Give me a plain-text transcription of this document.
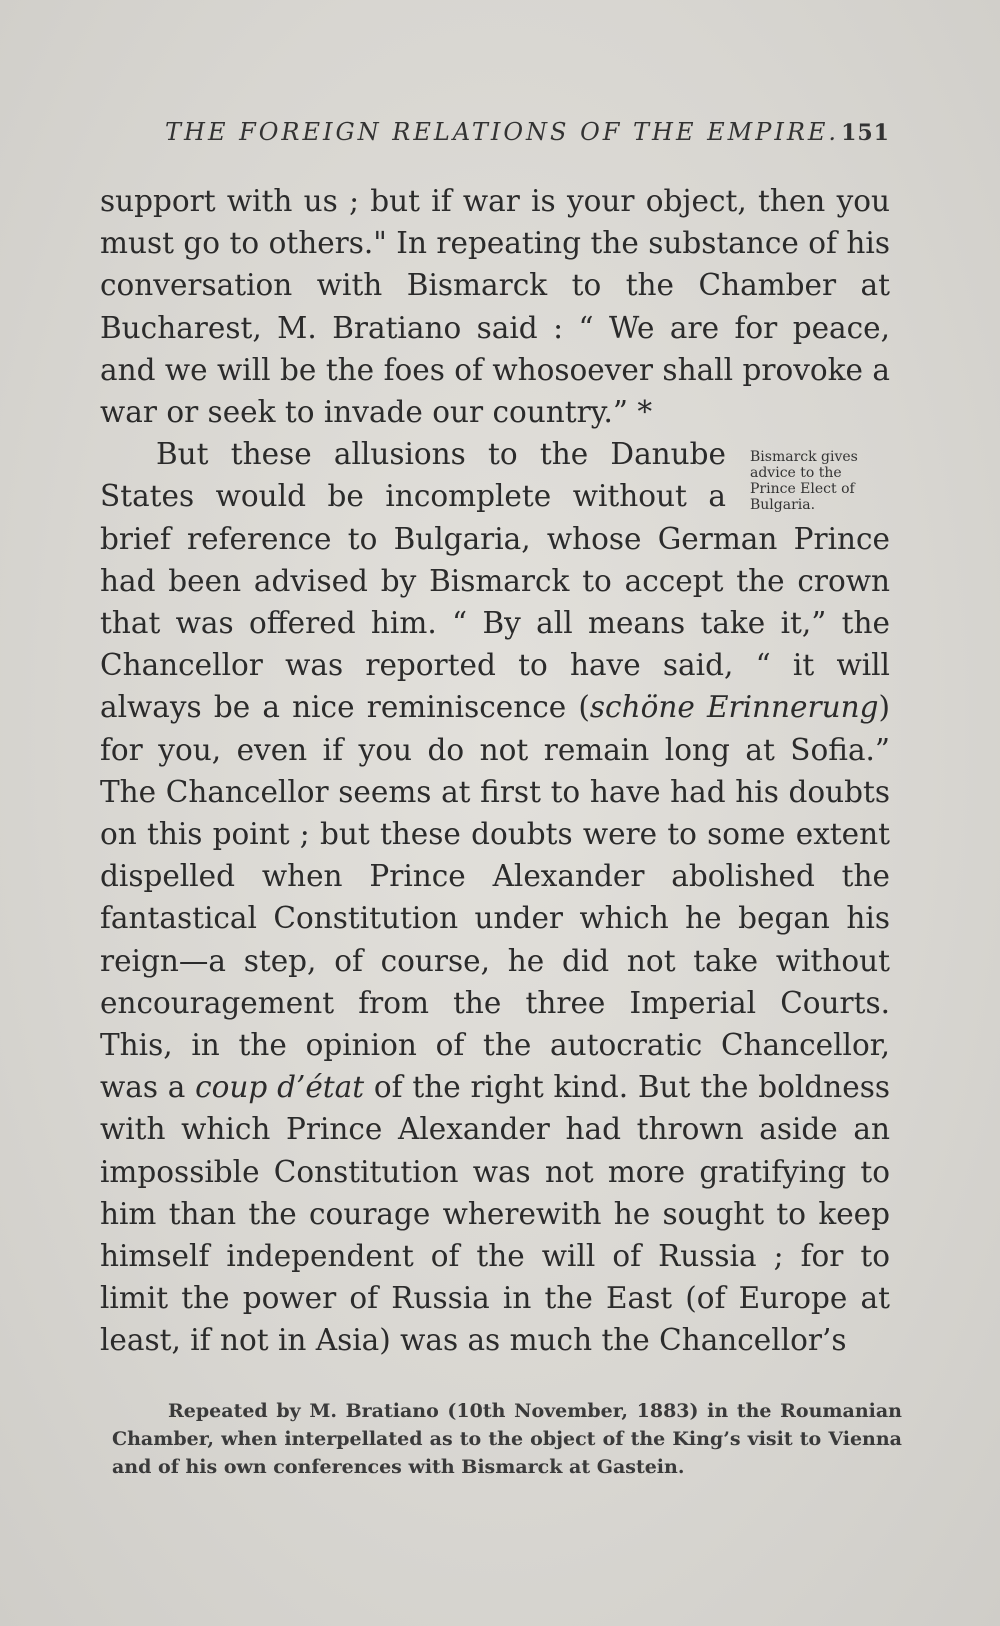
THE FOREIGN RELATIONS OF THE EMPIRE. 151

support with us ; but if war is your object, then you must go to others." In repeating the substance of his conversation with Bismarck to the Chamber at Bucharest, M. Bratiano said : “ We are for peace, and we will be the foes of whosoever shall provoke a war or seek to invade our country.” *

Bismarck gives advice to the Prince Elect of Bulgaria.
But these allusions to the Danube States would be incomplete without a brief reference to Bulgaria, whose German Prince had been advised by Bismarck to accept the crown that was offered him. “ By all means take it,” the Chancellor was reported to have said, “ it will always be a nice reminiscence (schöne Erinnerung) for you, even if you do not remain long at Sofia.” The Chancellor seems at first to have had his doubts on this point ; but these doubts were to some extent dispelled when Prince Alexander abolished the fantastical Constitution under which he began his reign—a step, of course, he did not take without encouragement from the three Imperial Courts. This, in the opinion of the autocratic Chancellor, was a coup d’état of the right kind. But the boldness with which Prince Alexander had thrown aside an impossible Constitution was not more gratifying to him than the courage wherewith he sought to keep himself independent of the will of Russia ; for to limit the power of Russia in the East (of Europe at least, if not in Asia) was as much the Chancellor’s

Repeated by M. Bratiano (10th November, 1883) in the Roumanian Chamber, when interpellated as to the object of the King’s visit to Vienna and of his own conferences with Bismarck at Gastein.
